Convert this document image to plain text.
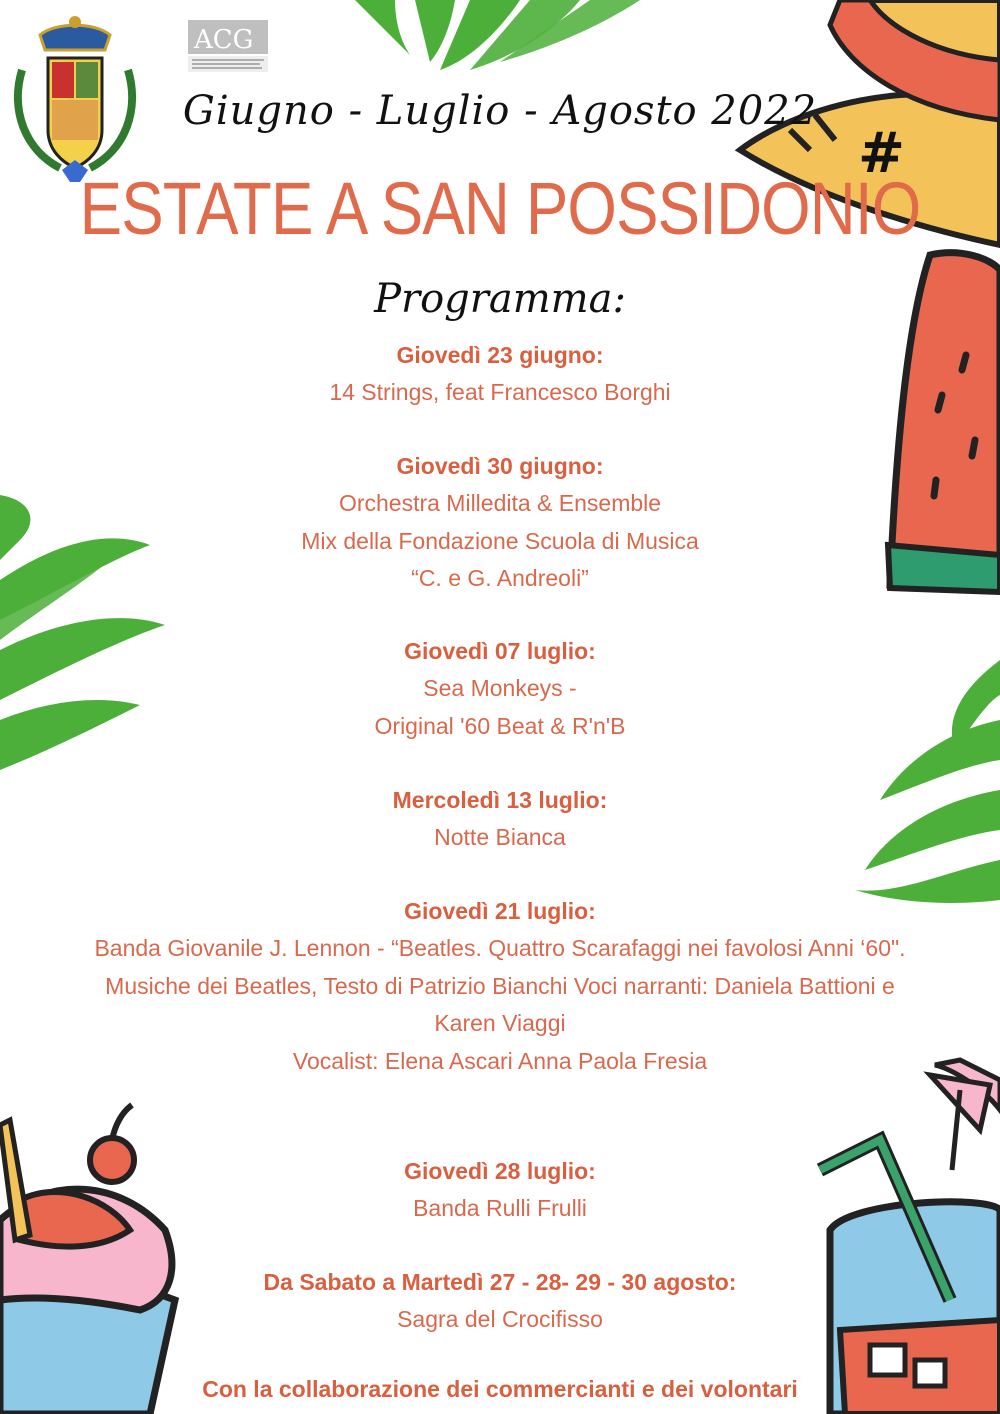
#
ACG
Giugno - Luglio - Agosto 2022
ESTATE A SAN POSSIDONIO
Programma:
Giovedì 23 giugno:
14 Strings, feat Francesco Borghi
Giovedì 30 giugno:
Orchestra Milledita & Ensemble
Mix della Fondazione Scuola di Musica
“C. e G. Andreoli”
Giovedì 07 luglio:
Sea Monkeys -
Original '60 Beat & R'n'B
Mercoledì 13 luglio:
Notte Bianca
Giovedì 21 luglio:
Banda Giovanile J. Lennon - “Beatles. Quattro Scarafaggi nei favolosi Anni ‘60".
Musiche dei Beatles, Testo di Patrizio Bianchi Voci narranti: Daniela Battioni e
Karen Viaggi
Vocalist: Elena Ascari Anna Paola Fresia
Giovedì 28 luglio:
Banda Rulli Frulli
Da Sabato a Martedì 27 - 28- 29 - 30 agosto:
Sagra del Crocifisso
Con la collaborazione dei commercianti e dei volontari
